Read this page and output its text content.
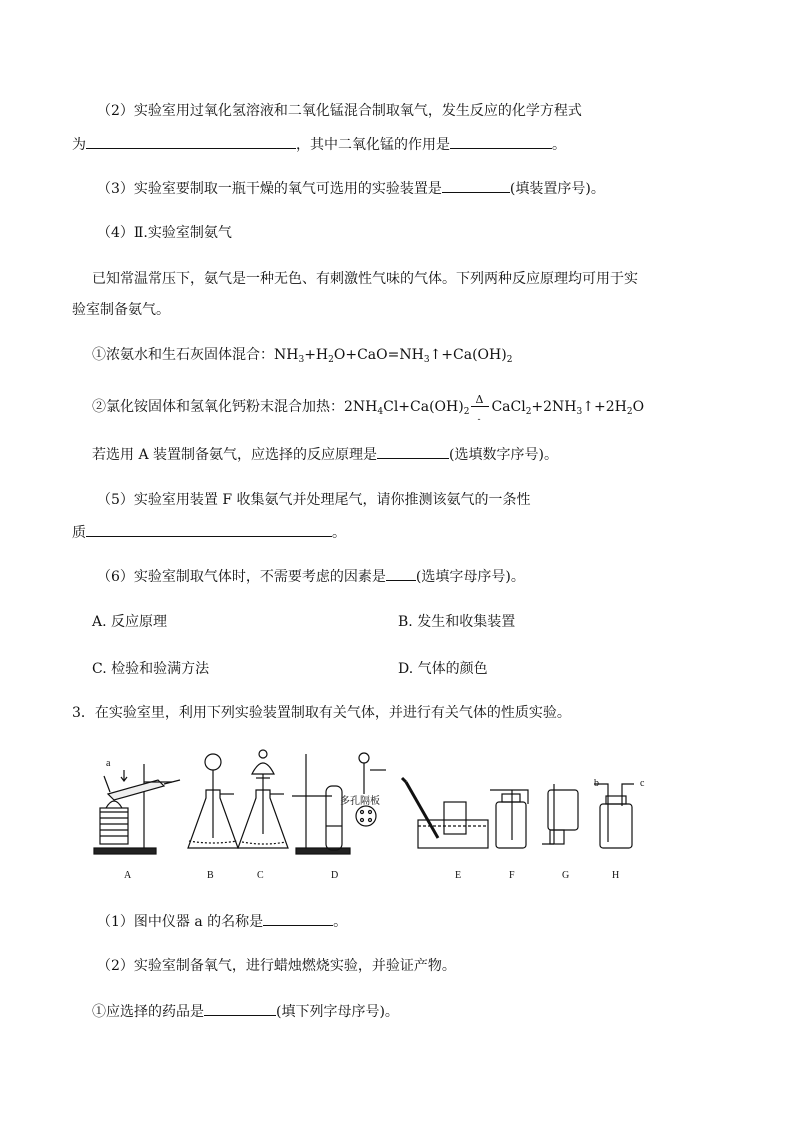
（2）实验室用过氧化氢溶液和二氧化锰混合制取氧气，发生反应的化学方程式
为	，其中二氧化锰的作用是	。
（3）实验室要制取一瓶干燥的氧气可选用的实验装置是	(填装置序号)。
（4）Ⅱ.实验室制氨气
已知常温常压下，氨气是一种无色、有刺激性气味的气体。下列两种反应原理均可用于实
验室制备氨气。
①浓氨水和生石灰固体混合：$NH_3+H_2O+CaO=NH_3↑+Ca(OH)_2$
②氯化铵固体和氢氧化钙粉末混合加热：$2NH_4Cl+Ca(OH)_2$
Δ
-
$CaCl_2+2NH_3↑+2H_2O$
若选用 A 装置制备氨气，应选择的反应原理是	(选填数字序号)。
（5）实验室用装置 F 收集氨气并处理尾气，请你推测该氨气的一条性
质	。
（6）实验室制取气体时，不需要考虑的因素是 (选填字母序号)。
A. 反应原理	B. 发生和收集装置
C. 检验和验满方法	D. 气体的颜色
3．在实验室里，利用下列实验装置制取有关气体，并进行有关气体的性质实验。
a
b	c
多孔隔板
A	B	C	D	E	F	G	H
（1）图中仪器 a 的名称是	。
（2）实验室制备氧气，进行蜡烛燃烧实验，并验证产物。
①应选择的药品是	(填下列字母序号)。
